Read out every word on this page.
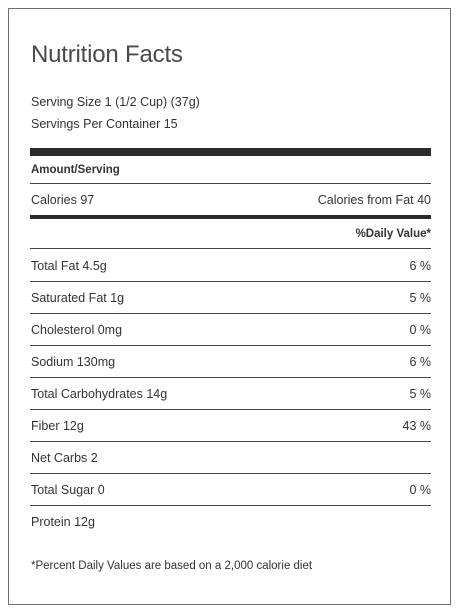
Nutrition Facts
Serving Size 1 (1/2 Cup) (37g)
Servings Per Container 15
Amount/Serving
Calories 97	Calories from Fat 40
%Daily Value*
Total Fat 4.5g	6 %
Saturated Fat 1g	5 %
Cholesterol 0mg	0 %
Sodium 130mg	6 %
Total Carbohydrates 14g	5 %
Fiber 12g	43 %
Net Carbs 2
Total Sugar 0	0 %
Protein 12g
*Percent Daily Values are based on a 2,000 calorie diet
